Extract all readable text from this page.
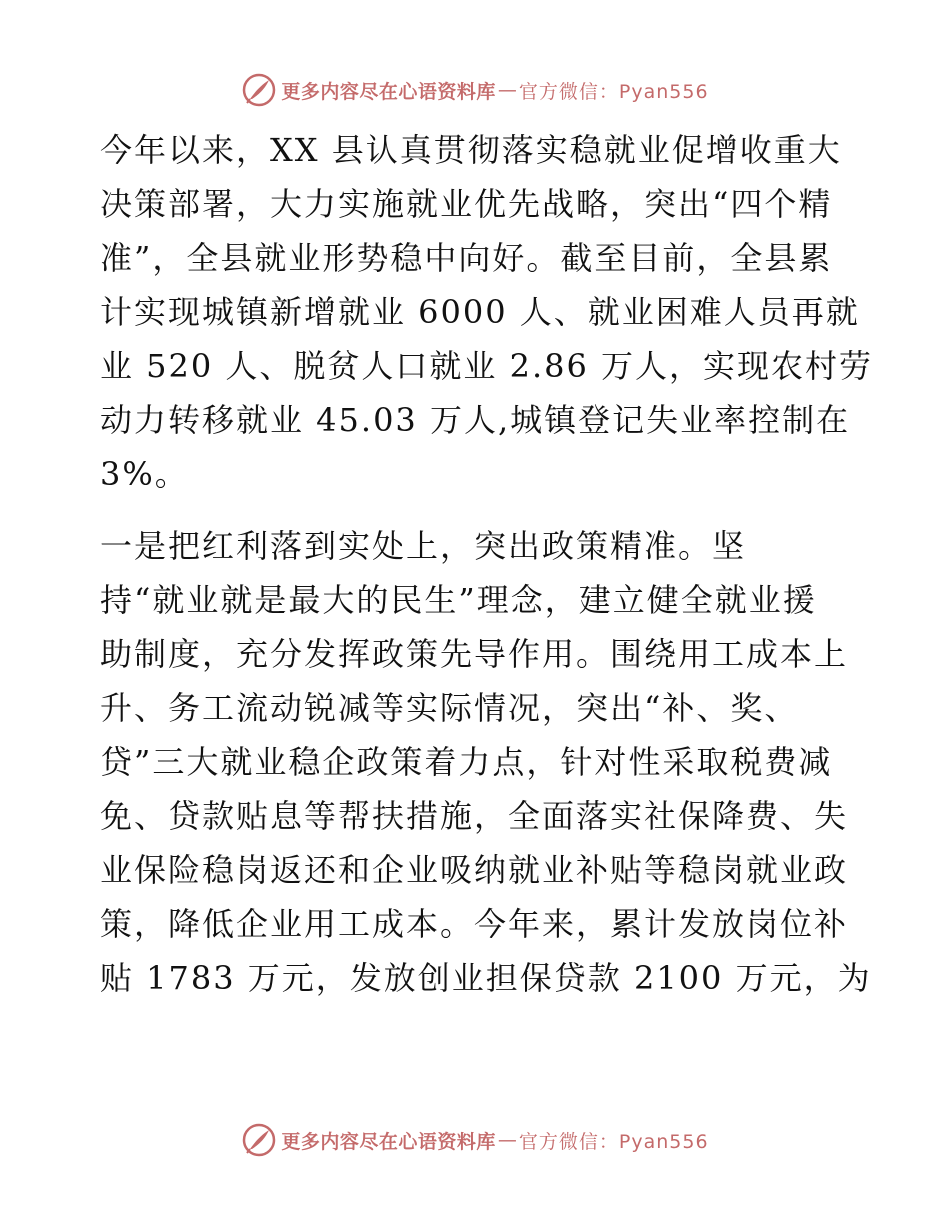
更多内容尽在心语资料库 — 官方微信：Pyan556

今年以来，XX 县认真贯彻落实稳就业促增收重大
决策部署，大力实施就业优先战略，突出“四个精
准”，全县就业形势稳中向好。截至目前，全县累
计实现城镇新增就业 6000 人、就业困难人员再就
业 520 人、脱贫人口就业 2.86 万人，实现农村劳
动力转移就业 45.03 万人,城镇登记失业率控制在
3%。

一是把红利落到实处上，突出政策精准。坚
持“就业就是最大的民生”理念，建立健全就业援
助制度，充分发挥政策先导作用。围绕用工成本上
升、务工流动锐减等实际情况，突出“补、奖、
贷”三大就业稳企政策着力点，针对性采取税费减
免、贷款贴息等帮扶措施，全面落实社保降费、失
业保险稳岗返还和企业吸纳就业补贴等稳岗就业政
策，降低企业用工成本。今年来，累计发放岗位补
贴 1783 万元，发放创业担保贷款 2100 万元，为

更多内容尽在心语资料库 — 官方微信：Pyan556
